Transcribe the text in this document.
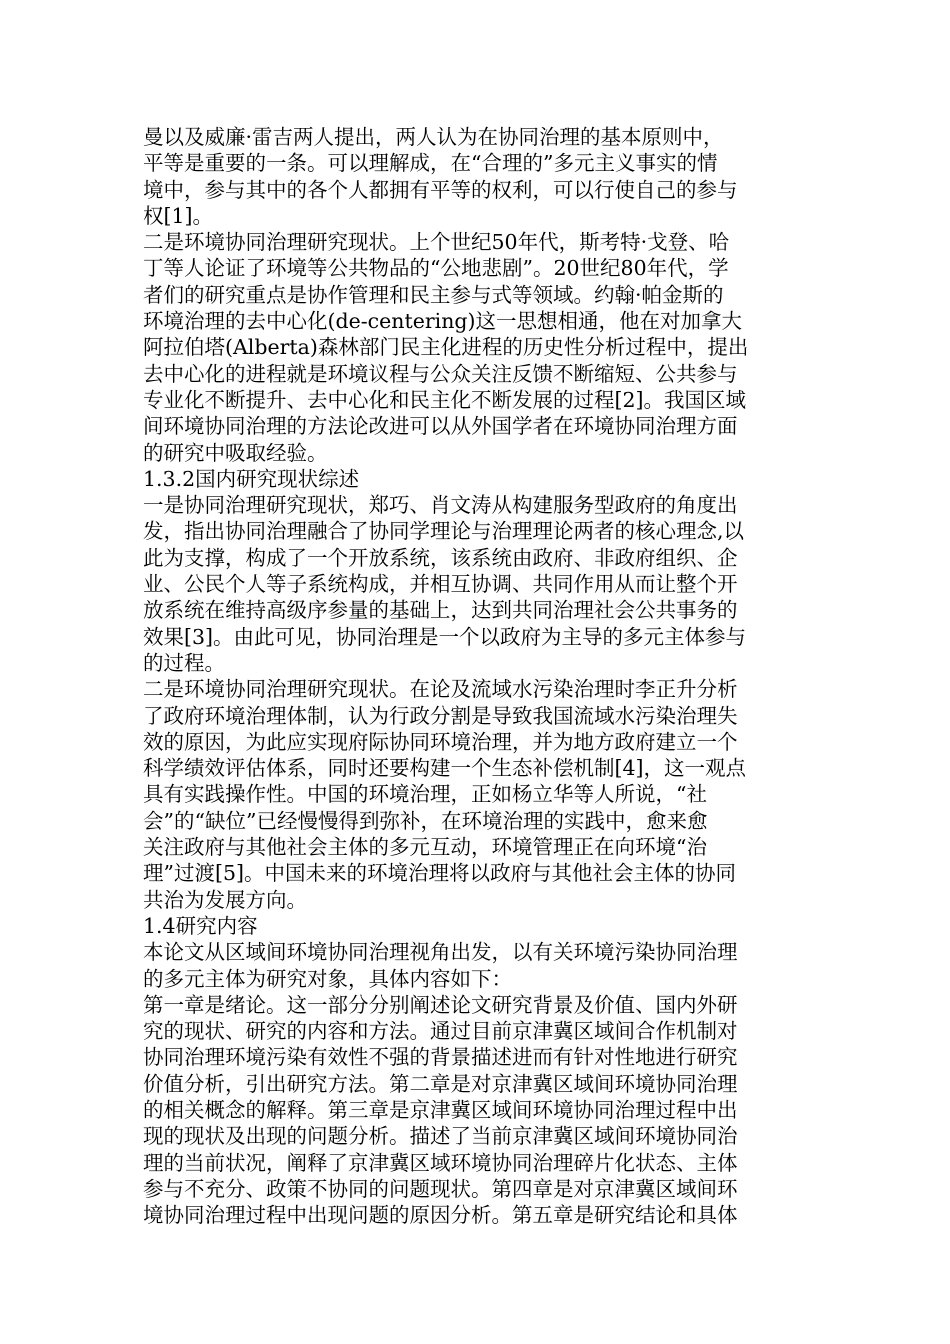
曼以及威廉·雷吉两人提出，两人认为在协同治理的基本原则中，
平等是重要的一条。可以理解成，在“合理的”多元主义事实的情
境中，参与其中的各个人都拥有平等的权利，可以行使自己的参与
权[1]。
二是环境协同治理研究现状。上个世纪50年代，斯考特·戈登、哈
丁等人论证了环境等公共物品的“公地悲剧”。20世纪80年代，学
者们的研究重点是协作管理和民主参与式等领域。约翰·帕金斯的
环境治理的去中心化(de-centering)这一思想相通，他在对加拿大
阿拉伯塔(Alberta)森林部门民主化进程的历史性分析过程中，提出
去中心化的进程就是环境议程与公众关注反馈不断缩短、公共参与
专业化不断提升、去中心化和民主化不断发展的过程[2]。我国区域
间环境协同治理的方法论改进可以从外国学者在环境协同治理方面
的研究中吸取经验。
1.3.2国内研究现状综述
一是协同治理研究现状，郑巧、肖文涛从构建服务型政府的角度出
发，指出协同治理融合了协同学理论与治理理论两者的核心理念,以
此为支撑，构成了一个开放系统，该系统由政府、非政府组织、企
业、公民个人等子系统构成，并相互协调、共同作用从而让整个开
放系统在维持高级序参量的基础上，达到共同治理社会公共事务的
效果[3]。由此可见，协同治理是一个以政府为主导的多元主体参与
的过程。
二是环境协同治理研究现状。在论及流域水污染治理时李正升分析
了政府环境治理体制，认为行政分割是导致我国流域水污染治理失
效的原因，为此应实现府际协同环境治理，并为地方政府建立一个
科学绩效评估体系，同时还要构建一个生态补偿机制[4]，这一观点
具有实践操作性。中国的环境治理，正如杨立华等人所说，“社
会”的“缺位”已经慢慢得到弥补，在环境治理的实践中，愈来愈
关注政府与其他社会主体的多元互动，环境管理正在向环境“治
理”过渡[5]。中国未来的环境治理将以政府与其他社会主体的协同
共治为发展方向。
1.4研究内容
本论文从区域间环境协同治理视角出发，以有关环境污染协同治理
的多元主体为研究对象，具体内容如下：
第一章是绪论。这一部分分别阐述论文研究背景及价值、国内外研
究的现状、研究的内容和方法。通过目前京津冀区域间合作机制对
协同治理环境污染有效性不强的背景描述进而有针对性地进行研究
价值分析，引出研究方法。第二章是对京津冀区域间环境协同治理
的相关概念的解释。第三章是京津冀区域间环境协同治理过程中出
现的现状及出现的问题分析。描述了当前京津冀区域间环境协同治
理的当前状况，阐释了京津冀区域环境协同治理碎片化状态、主体
参与不充分、政策不协同的问题现状。第四章是对京津冀区域间环
境协同治理过程中出现问题的原因分析。第五章是研究结论和具体
